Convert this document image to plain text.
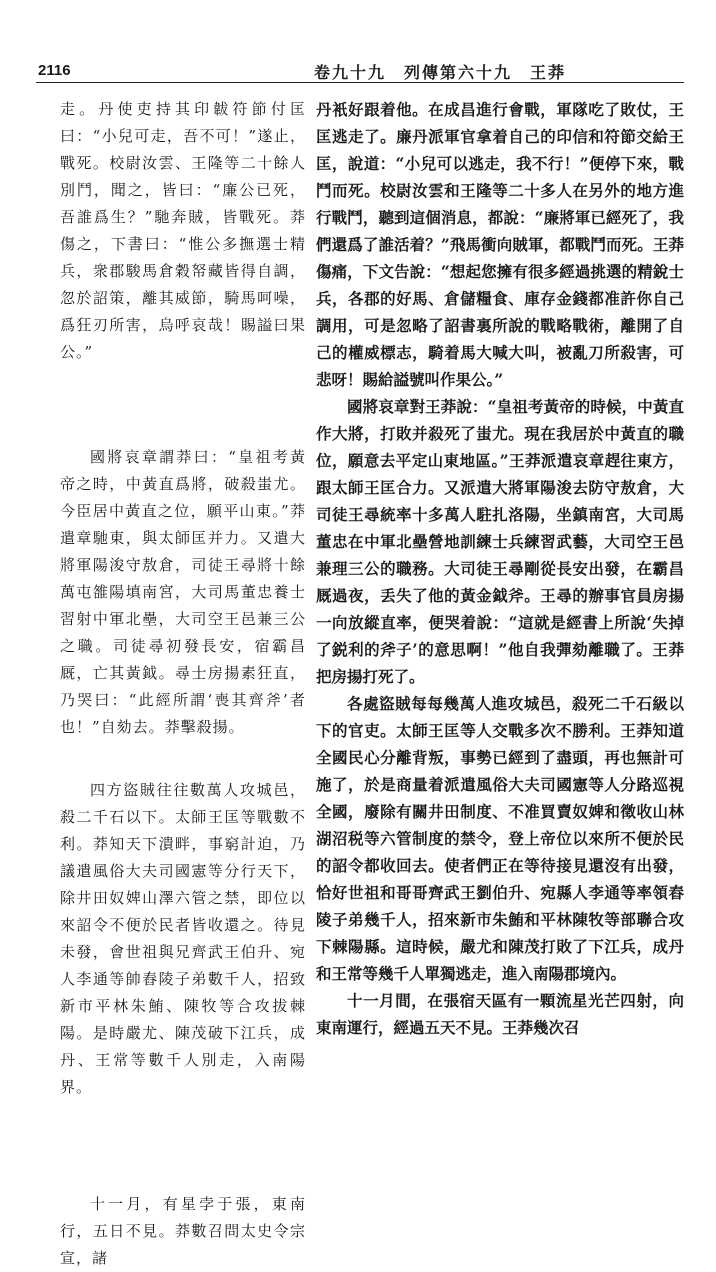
2116	卷九十九　列傳第六十九　王莽

走。丹使吏持其印韍符節付匡曰：“小兒可走，吾不可！”遂止，戰死。校尉汝雲、王隆等二十餘人別鬥，聞之，皆曰：“廉公已死，吾誰爲生？”馳奔賊，皆戰死。莽傷之，下書曰：“惟公多撫選士精兵，衆郡駿馬倉穀帑藏皆得自調，忽於詔策，離其威節，騎馬呵噪，爲狂刃所害，烏呼哀哉！賜謚曰果公。”

國將哀章謂莽曰：“皇祖考黃帝之時，中黃直爲將，破殺蚩尤。今臣居中黃直之位，願平山東。”莽遣章馳東，與太師匡并力。又遣大將軍陽浚守敖倉，司徒王尋將十餘萬屯雒陽填南宮，大司馬董忠養士習射中軍北壘，大司空王邑兼三公之職。司徒尋初發長安，宿霸昌厩，亡其黃鉞。尋士房揚素狂直，乃哭曰：“此經所謂‘喪其齊斧’者也！”自劾去。莽擊殺揚。

四方盜賊往往數萬人攻城邑，殺二千石以下。太師王匡等戰數不利。莽知天下潰畔，事窮計迫，乃議遣風俗大夫司國憲等分行天下，除井田奴婢山澤六管之禁，即位以來詔令不便於民者皆收還之。待見未發，會世祖與兄齊武王伯升、宛人李通等帥舂陵子弟數千人，招致新市平林朱鮪、陳牧等合攻拔棘陽。是時嚴尤、陳茂破下江兵，成丹、王常等數千人別走，入南陽界。

十一月，有星孛于張，東南行，五日不見。莽數召問太史令宗宣，諸

丹衹好跟着他。在成昌進行會戰，軍隊吃了敗仗，王匡逃走了。廉丹派軍官拿着自己的印信和符節交給王匡，說道：“小兒可以逃走，我不行！”便停下來，戰鬥而死。校尉汝雲和王隆等二十多人在另外的地方進行戰鬥，聽到這個消息，都說：“廉將軍已經死了，我們還爲了誰活着？”飛馬衝向賊軍，都戰鬥而死。王莽傷痛，下文告說：“想起您擁有很多經過挑選的精銳士兵，各郡的好馬、倉儲糧食、庫存金錢都准許你自己調用，可是忽略了詔書裏所說的戰略戰術，離開了自己的權威標志，騎着馬大喊大叫，被亂刀所殺害，可悲呀！賜給謚號叫作果公。”

國將哀章對王莽說：“皇祖考黃帝的時候，中黃直作大將，打敗并殺死了蚩尤。現在我居於中黃直的職位，願意去平定山東地區。”王莽派遣哀章趕往東方，跟太師王匡合力。又派遣大將軍陽浚去防守敖倉，大司徒王尋統率十多萬人駐扎洛陽，坐鎮南宮，大司馬董忠在中軍北壘營地訓練士兵練習武藝，大司空王邑兼理三公的職務。大司徒王尋剛從長安出發，在霸昌厩過夜，丢失了他的黃金鉞斧。王尋的辦事官員房揚一向放縱直率，便哭着說：“這就是經書上所說‘失掉了鋭利的斧子’的意思啊！”他自我彈劾離職了。王莽把房揚打死了。

各處盜賊每每幾萬人進攻城邑，殺死二千石級以下的官吏。太師王匡等人交戰多次不勝利。王莽知道全國民心分離背叛，事勢已經到了盡頭，再也無計可施了，於是商量着派遣風俗大夫司國憲等人分路巡視全國，廢除有關井田制度、不准買賣奴婢和徵收山林湖沼税等六管制度的禁令，登上帝位以來所不便於民的詔令都收回去。使者們正在等待接見還沒有出發，恰好世祖和哥哥齊武王劉伯升、宛縣人李通等率領舂陵子弟幾千人，招來新市朱鮪和平林陳牧等部聯合攻下棘陽縣。這時候，嚴尤和陳茂打敗了下江兵，成丹和王常等幾千人單獨逃走，進入南陽郡境內。

十一月間，在張宿天區有一顆流星光芒四射，向東南運行，經過五天不見。王莽幾次召
